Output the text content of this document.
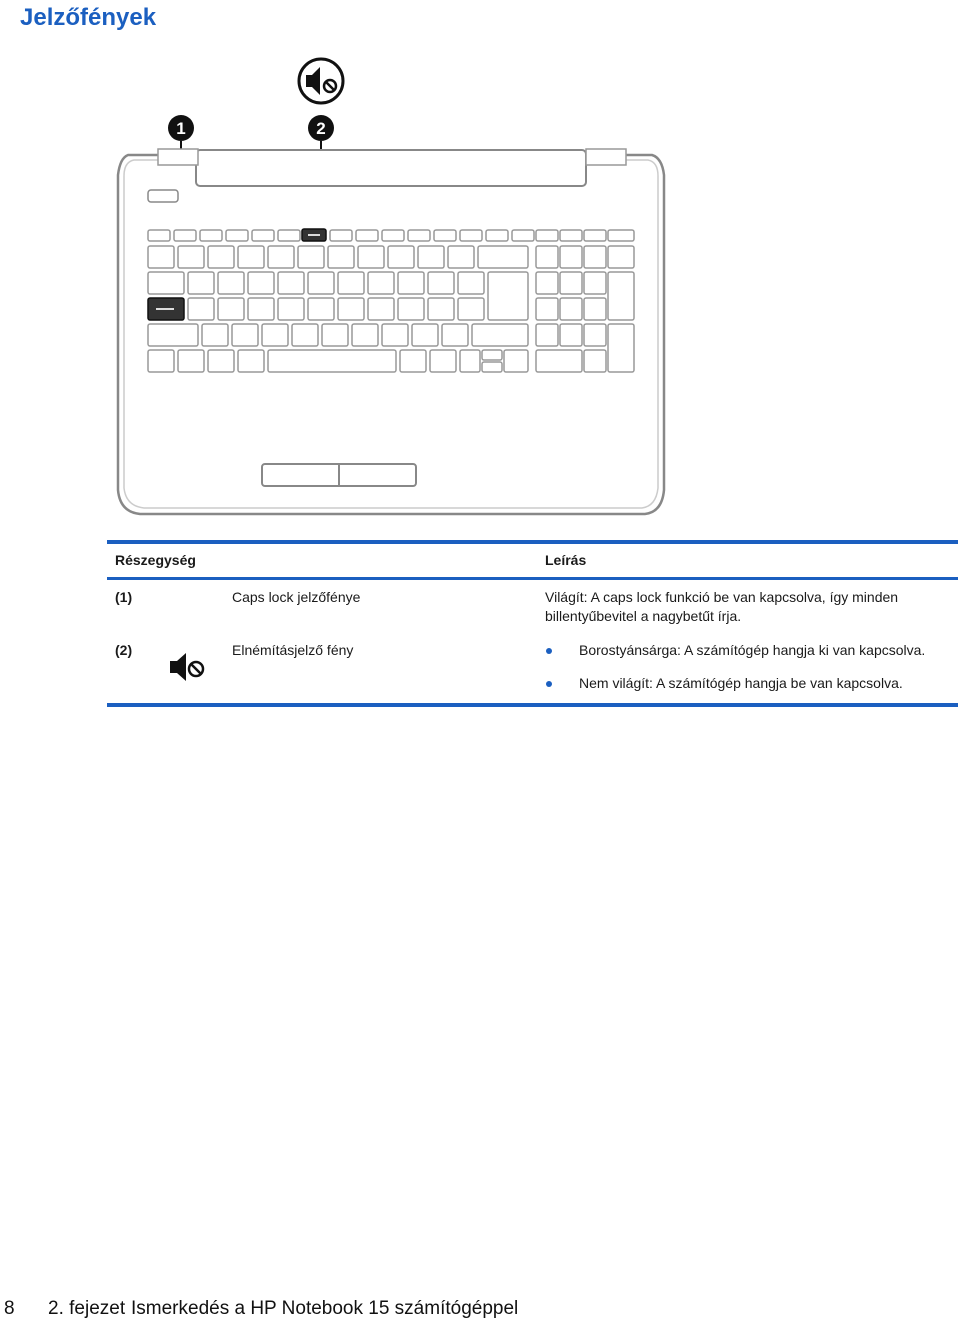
Jelzőfények
1	2
Részegység	Leírás
(1)	Caps lock jelzőfénye	Világít: A caps lock funkció be van kapcsolva, így minden
billentyűbevitel a nagybetűt írja.
(2)	Elnémításjelző fény	Borostyánsárga: A számítógép hangja ki van kapcsolva.
Nem világít: A számítógép hangja be van kapcsolva.
8 2. fejezet Ismerkedés a HP Notebook 15 számítógéppel
